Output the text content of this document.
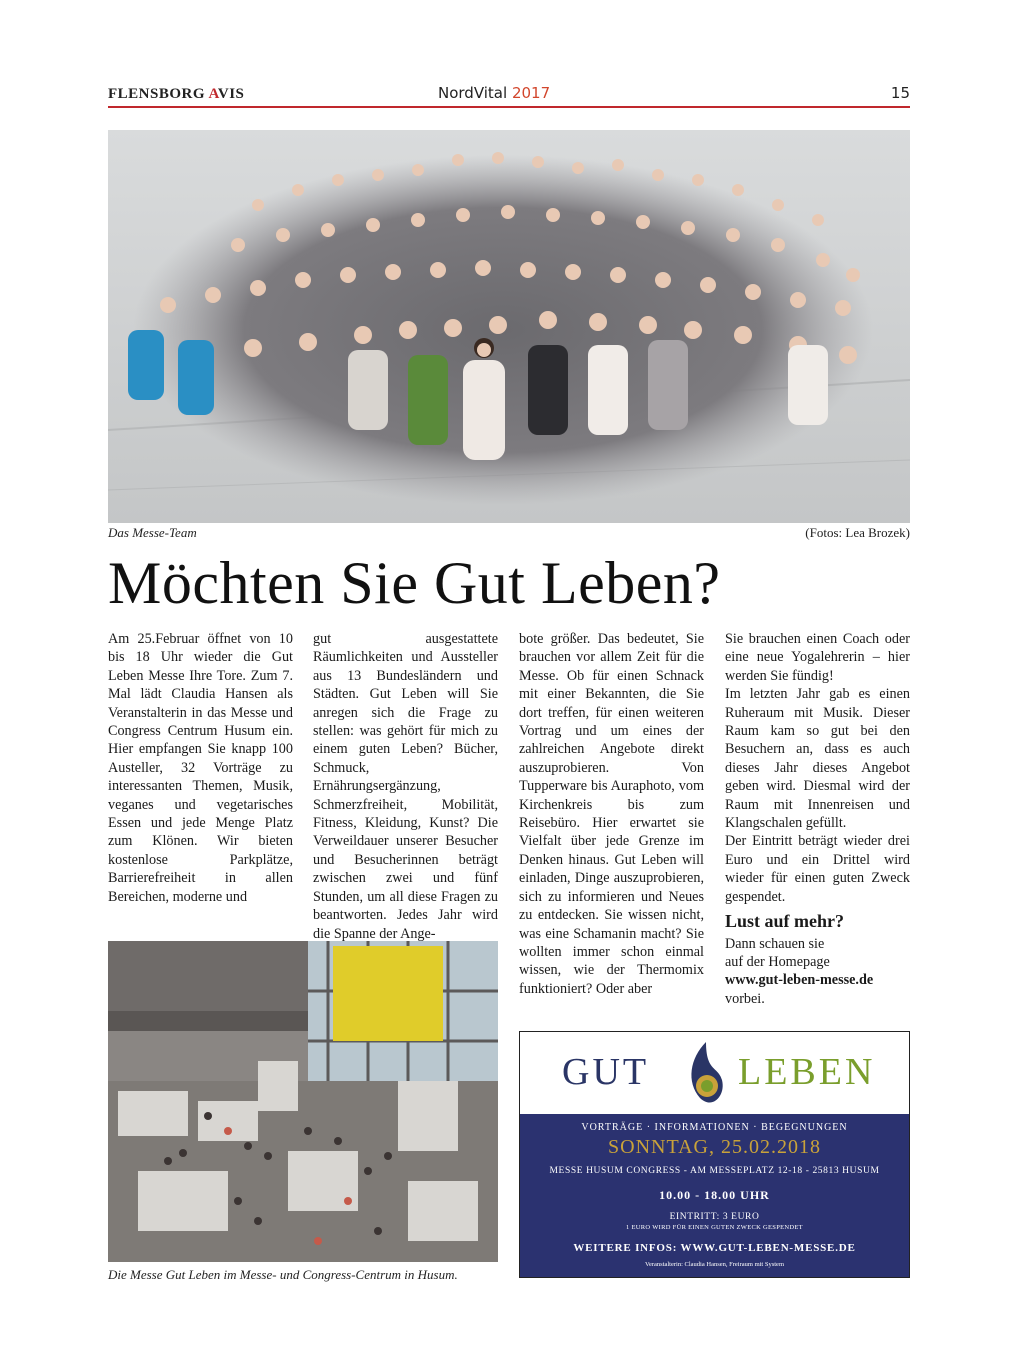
FLENSBORG AVIS	NordVital 2017	15
Das Messe-Team	(Fotos: Lea Brozek)
Möchten Sie Gut Leben?

Am 25.Februar öffnet von 10 bis 18 Uhr wieder die Gut Leben Messe Ihre Tore. Zum 7. Mal lädt Claudia Hansen als Veranstalterin in das Messe und Congress Centrum Husum ein. Hier empfangen Sie knapp 100 Austeller, 32 Vorträge zu interessanten Themen, Musik, veganes und vegetarisches Essen und jede Menge Platz zum Klönen. Wir bieten kostenlose Parkplätze, Barrierefreiheit in allen Bereichen, moderne und

gut ausgestattete Räumlichkeiten und Aussteller aus 13 Bundesländern und Städten. Gut Leben will Sie anregen sich die Frage zu stellen: was gehört für mich zu einem guten Leben? Bücher, Schmuck, Ernährungsergänzung, Schmerzfreiheit, Mobilität, Fitness, Kleidung, Kunst? Die Verweildauer unserer Besucher und Besucherinnen beträgt zwischen zwei und fünf Stunden, um all diese Fragen zu beantworten. Jedes Jahr wird die Spanne der Ange-

bote größer. Das bedeutet, Sie brauchen vor allem Zeit für die Messe. Ob für einen Schnack mit einer Bekannten, die Sie dort treffen, für einen weiteren Vortrag und um eines der zahlreichen Angebote direkt auszuprobieren. Von Tupperware bis Auraphoto, vom Kirchenkreis bis zum Reisebüro. Hier erwartet sie Vielfalt über jede Grenze im Denken hinaus. Gut Leben will einladen, Dinge auszuprobieren, sich zu informieren und Neues zu entdecken. Sie wissen nicht, was eine Schamanin macht? Sie wollten immer schon einmal wissen, wie der Thermomix funktioniert? Oder aber

Sie brauchen einen Coach oder eine neue Yogalehrerin – hier werden Sie fündig!

Im letzten Jahr gab es einen Ruheraum mit Musik. Dieser Raum kam so gut bei den Besuchern an, dass es auch dieses Jahr dieses Angebot geben wird. Diesmal wird der Raum mit Innenreisen und Klangschalen gefüllt.

Der Eintritt beträgt wieder drei Euro und ein Drittel wird wieder für einen guten Zweck gespendet.

Lust auf mehr?

Dann schauen sie

auf der Homepage

www.gut-leben-messe.de

vorbei.

Die Messe Gut Leben im Messe- und Congress-Centrum in Husum.
GUT LEBEN
VORTRÄGE · INFORMATIONEN · BEGEGNUNGEN
SONNTAG, 25.02.2018
MESSE HUSUM CONGRESS - AM MESSEPLATZ 12-18 - 25813 HUSUM
10.00 - 18.00 UHR
EINTRITT: 3 EURO
1 EURO WIRD FÜR EINEN GUTEN ZWECK GESPENDET
WEITERE INFOS: WWW.GUT-LEBEN-MESSE.DE
Veranstalterin: Claudia Hansen, Freiraum mit System
